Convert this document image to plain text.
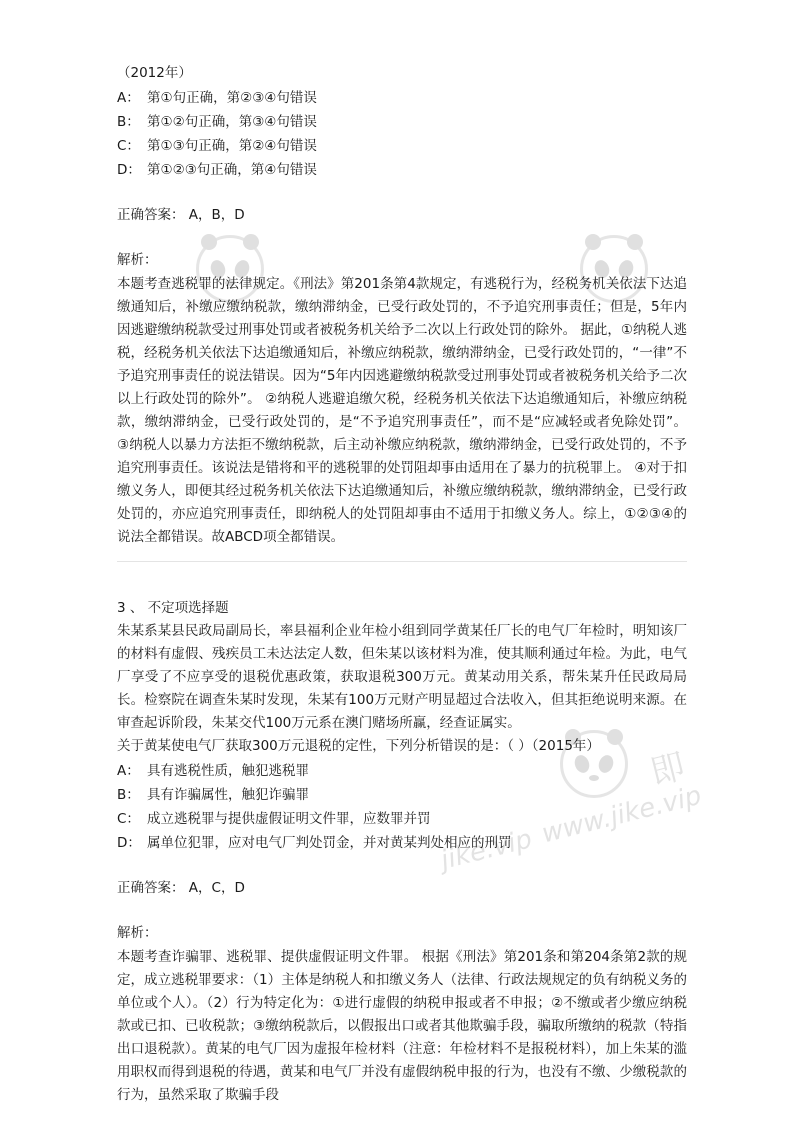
即
www.jike.vip
jike.vip
（2012年）
A： 第①句正确，第②③④句错误
B： 第①②句正确，第③④句错误
C： 第①③句正确，第②④句错误
D： 第①②③句正确，第④句错误
正确答案： A，B，D
解析：
本题考查逃税罪的法律规定。《刑法》第201条第4款规定，有逃税行为，经税务机关依法下达追缴通知后，补缴应缴纳税款，缴纳滞纳金，已受行政处罚的，不予追究刑事责任；但是，5年内因逃避缴纳税款受过刑事处罚或者被税务机关给予二次以上行政处罚的除外。 据此，①纳税人逃税，经税务机关依法下达追缴通知后，补缴应纳税款，缴纳滞纳金，已受行政处罚的，“一律”不予追究刑事责任的说法错误。因为“5年内因逃避缴纳税款受过刑事处罚或者被税务机关给予二次以上行政处罚的除外”。 ②纳税人逃避追缴欠税，经税务机关依法下达追缴通知后，补缴应纳税款，缴纳滞纳金，已受行政处罚的，是“不予追究刑事责任”，而不是“应减轻或者免除处罚”。 ③纳税人以暴力方法拒不缴纳税款，后主动补缴应纳税款，缴纳滞纳金，已受行政处罚的，不予追究刑事责任。该说法是错将和平的逃税罪的处罚阻却事由适用在了暴力的抗税罪上。 ④对于扣缴义务人，即便其经过税务机关依法下达追缴通知后，补缴应缴纳税款，缴纳滞纳金，已受行政处罚的，亦应追究刑事责任，即纳税人的处罚阻却事由不适用于扣缴义务人。综上，①②③④的说法全都错误。故ABCD项全都错误。
3 、 不定项选择题
朱某系某县民政局副局长，率县福利企业年检小组到同学黄某任厂长的电气厂年检时，明知该厂的材料有虚假、残疾员工未达法定人数，但朱某以该材料为准，使其顺利通过年检。为此，电气厂享受了不应享受的退税优惠政策，获取退税300万元。黄某动用关系，帮朱某升任民政局局长。检察院在调查朱某时发现，朱某有100万元财产明显超过合法收入，但其拒绝说明来源。在审查起诉阶段，朱某交代100万元系在澳门赌场所赢，经查证属实。
关于黄某使电气厂获取300万元退税的定性，下列分析错误的是：（ ）（2015年）
A： 具有逃税性质，触犯逃税罪
B： 具有诈骗属性，触犯诈骗罪
C： 成立逃税罪与提供虚假证明文件罪，应数罪并罚
D： 属单位犯罪，应对电气厂判处罚金，并对黄某判处相应的刑罚
正确答案： A，C，D
解析：
本题考查诈骗罪、逃税罪、提供虚假证明文件罪。 根据《刑法》第201条和第204条第2款的规定，成立逃税罪要求：（1）主体是纳税人和扣缴义务人（法律、行政法规规定的负有纳税义务的单位或个人）。（2）行为特定化为：①进行虚假的纳税申报或者不申报；②不缴或者少缴应纳税款或已扣、已收税款；③缴纳税款后，以假报出口或者其他欺骗手段，骗取所缴纳的税款（特指出口退税款）。黄某的电气厂因为虚报年检材料（注意：年检材料不是报税材料），加上朱某的滥用职权而得到退税的待遇，黄某和电气厂并没有虚假纳税申报的行为，也没有不缴、少缴税款的行为，虽然采取了欺骗手段
